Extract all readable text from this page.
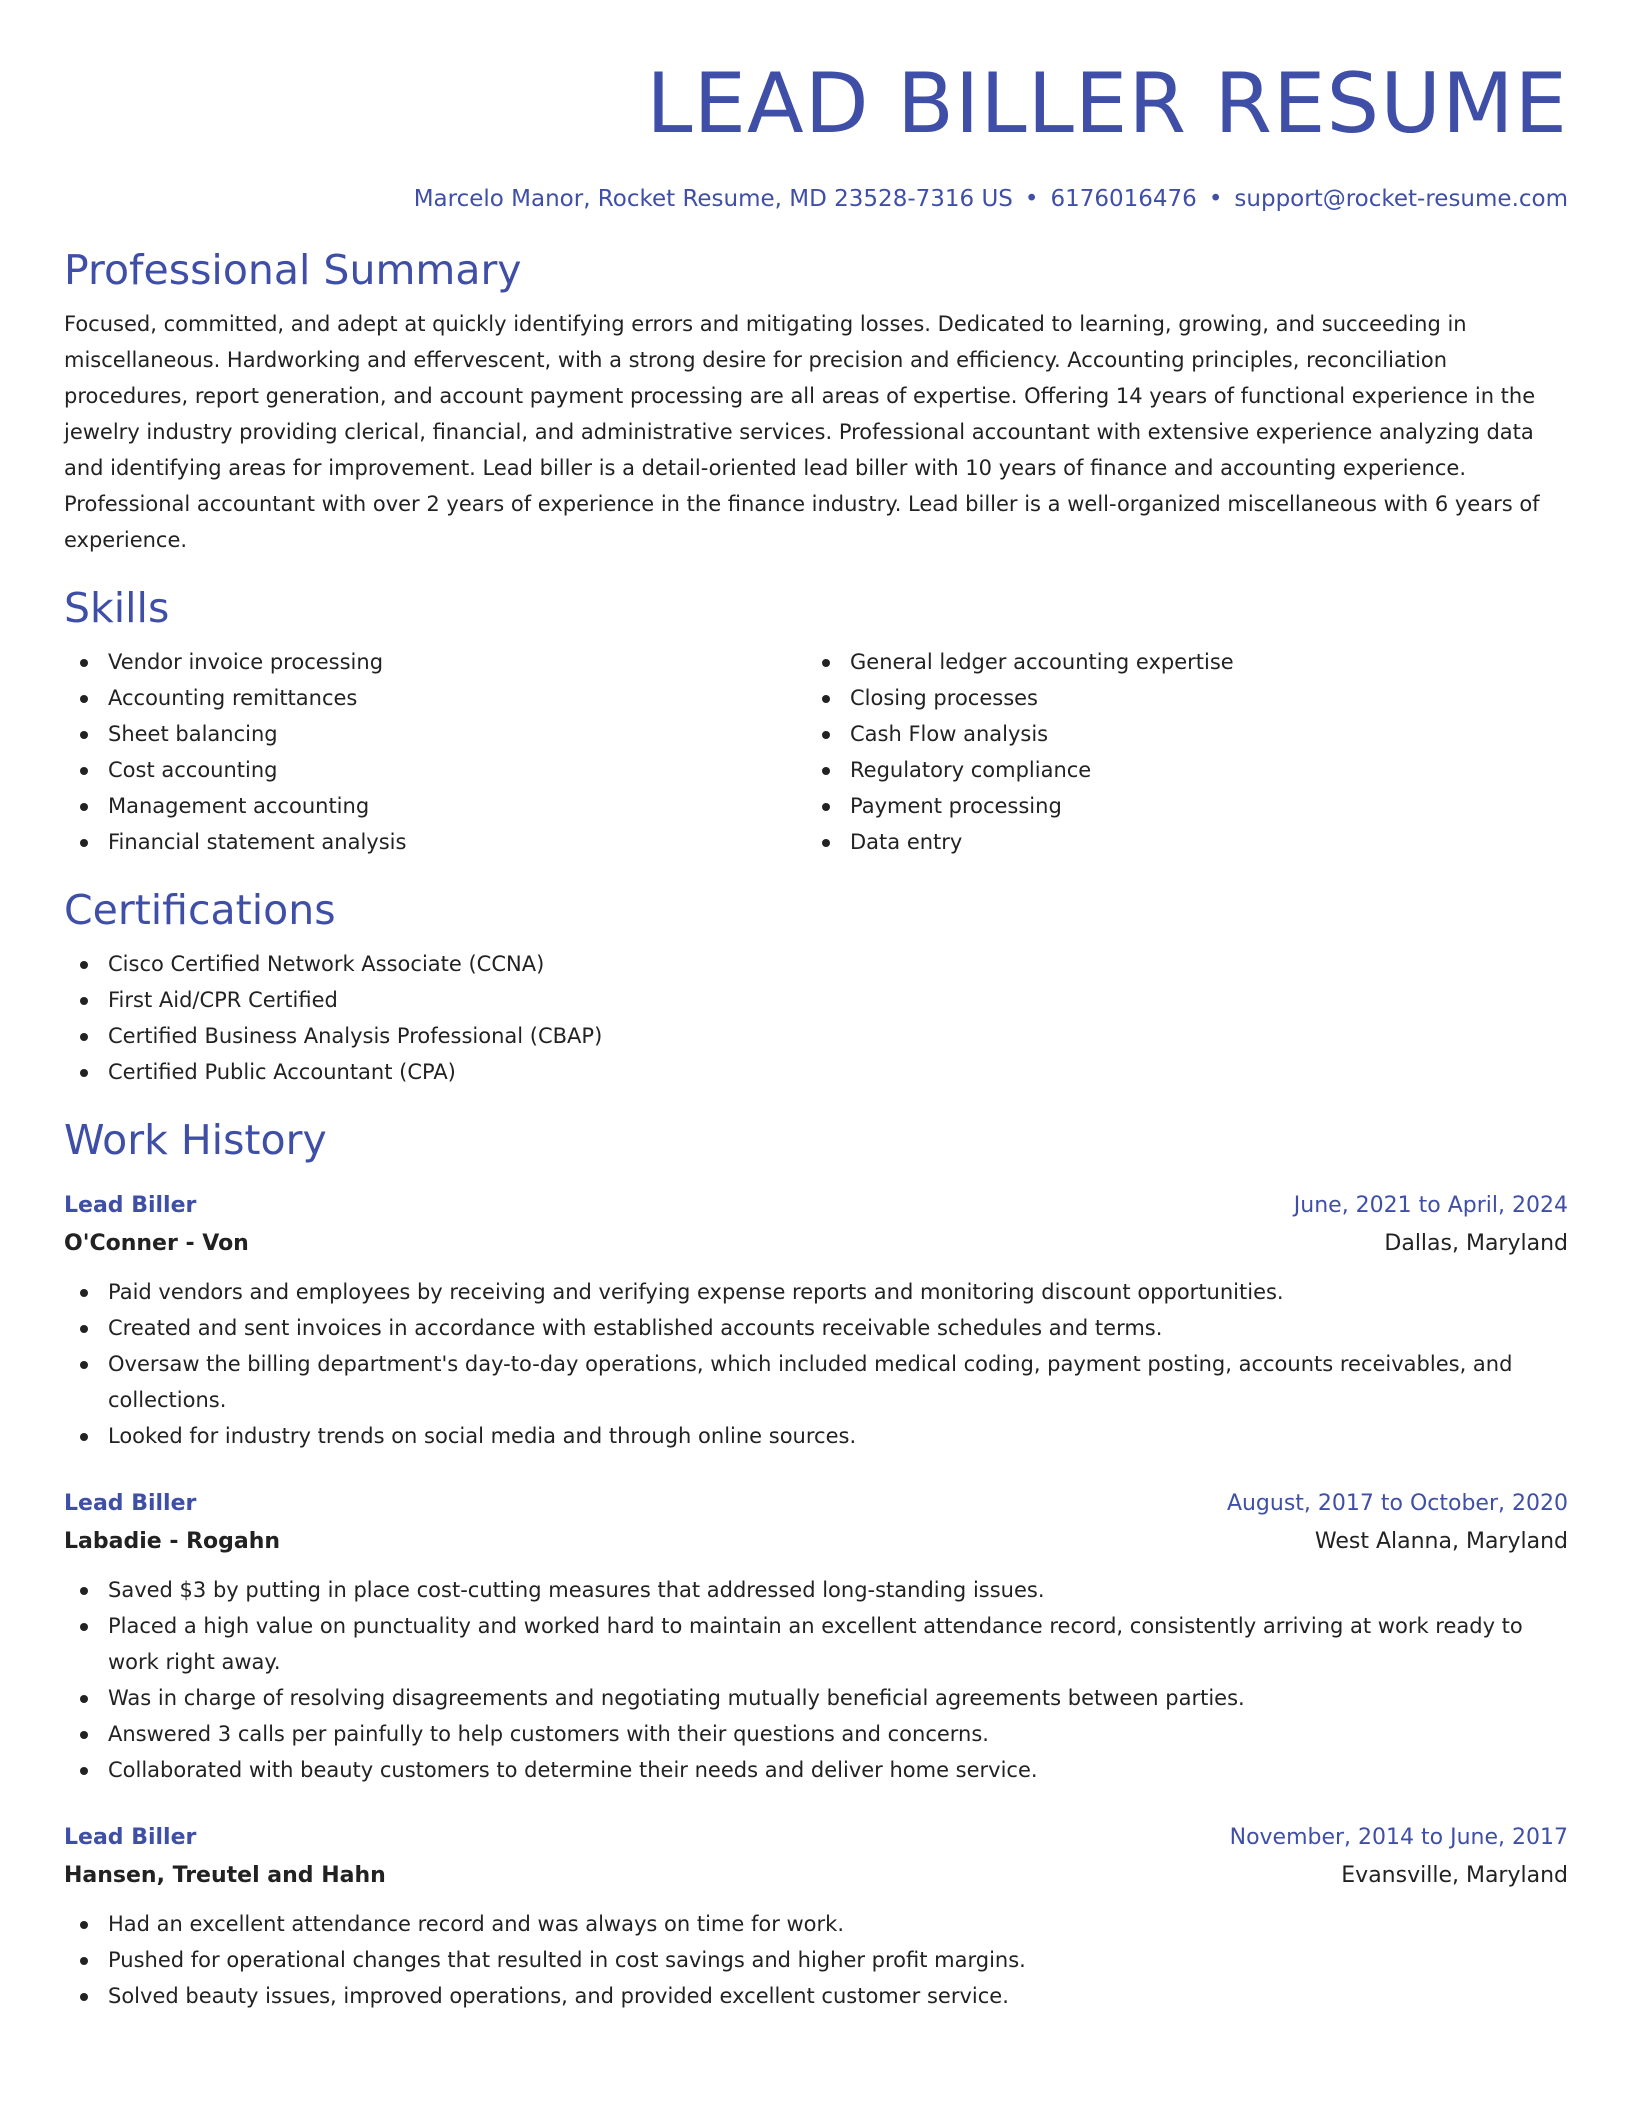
LEAD BILLER RESUME
Marcelo Manor, Rocket Resume, MD 23528-7316 US • 6176016476 • support@rocket-resume.com
Professional Summary

Focused, committed, and adept at quickly identifying errors and mitigating losses. Dedicated to learning, growing, and succeeding in miscellaneous. Hardworking and effervescent, with a strong desire for precision and efficiency. Accounting principles, reconciliation procedures, report generation, and account payment processing are all areas of expertise. Offering 14 years of functional experience in the jewelry industry providing clerical, financial, and administrative services. Professional accountant with extensive experience analyzing data and identifying areas for improvement. Lead biller is a detail-oriented lead biller with 10 years of finance and accounting experience. Professional accountant with over 2 years of experience in the finance industry. Lead biller is a well-organized miscellaneous with 6 years of experience.

Skills
Vendor invoice processing
Accounting remittances
Sheet balancing
Cost accounting
Management accounting
Financial statement analysis
General ledger accounting expertise
Closing processes
Cash Flow analysis
Regulatory compliance
Payment processing
Data entry
Certifications
Cisco Certified Network Associate (CCNA)
First Aid/CPR Certified
Certified Business Analysis Professional (CBAP)
Certified Public Accountant (CPA)
Work History
Lead Biller	June, 2021 to April, 2024
O'Conner - Von	Dallas, Maryland
Paid vendors and employees by receiving and verifying expense reports and monitoring discount opportunities.
Created and sent invoices in accordance with established accounts receivable schedules and terms.
Oversaw the billing department's day-to-day operations, which included medical coding, payment posting, accounts receivables, and collections.
Looked for industry trends on social media and through online sources.
Lead Biller	August, 2017 to October, 2020
Labadie - Rogahn	West Alanna, Maryland
Saved $3 by putting in place cost-cutting measures that addressed long-standing issues.
Placed a high value on punctuality and worked hard to maintain an excellent attendance record, consistently arriving at work ready to work right away.
Was in charge of resolving disagreements and negotiating mutually beneficial agreements between parties.
Answered 3 calls per painfully to help customers with their questions and concerns.
Collaborated with beauty customers to determine their needs and deliver home service.
Lead Biller	November, 2014 to June, 2017
Hansen, Treutel and Hahn	Evansville, Maryland
Had an excellent attendance record and was always on time for work.
Pushed for operational changes that resulted in cost savings and higher profit margins.
Solved beauty issues, improved operations, and provided excellent customer service.
